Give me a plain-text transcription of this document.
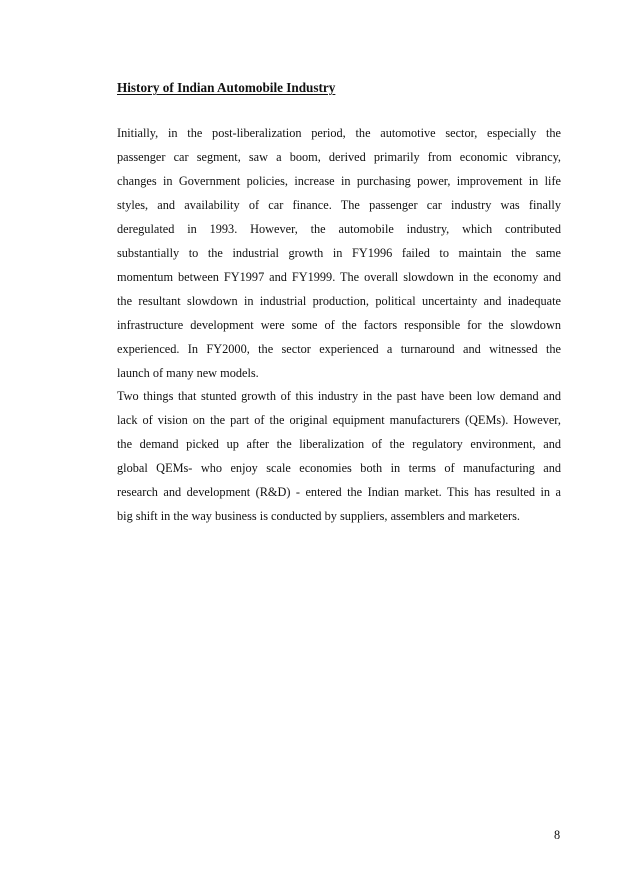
History of Indian Automobile Industry
Initially, in the post-liberalization period, the automotive sector, especially the
passenger car segment, saw a boom, derived primarily from economic vibrancy,
changes in Government policies, increase in purchasing power, improvement in life
styles, and availability of car finance. The passenger car industry was finally
deregulated in 1993. However, the automobile industry, which contributed
substantially to the industrial growth in FY1996 failed to maintain the same
momentum between FY1997 and FY1999. The overall slowdown in the economy and
the resultant slowdown in industrial production, political uncertainty and inadequate
infrastructure development were some of the factors responsible for the slowdown
experienced. In FY2000, the sector experienced a turnaround and witnessed the
launch of many new models.
Two things that stunted growth of this industry in the past have been low demand and
lack of vision on the part of the original equipment manufacturers (QEMs). However,
the demand picked up after the liberalization of the regulatory environment, and
global QEMs- who enjoy scale economies both in terms of manufacturing and
research and development (R&D) - entered the Indian market. This has resulted in a
big shift in the way business is conducted by suppliers, assemblers and marketers.

8
